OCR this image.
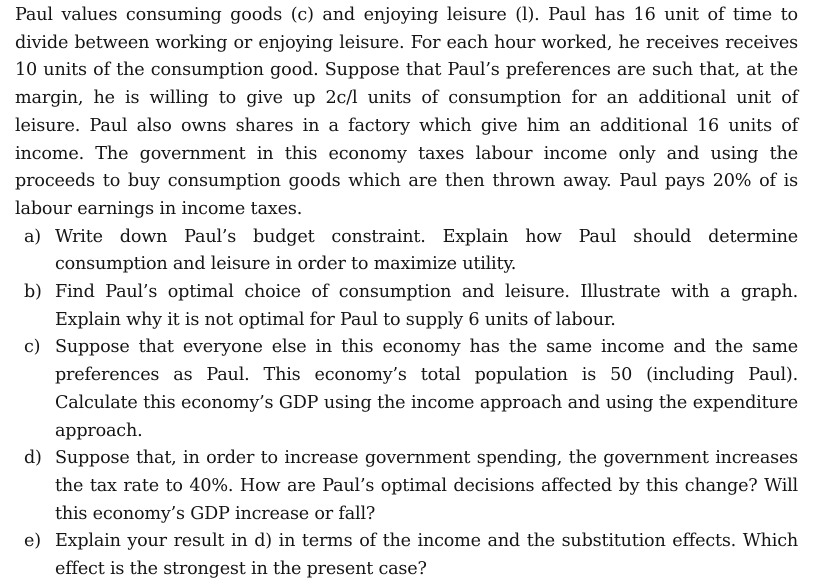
Paul values consuming goods (c) and enjoying leisure (l). Paul has 16 unit of time to divide between working or enjoying leisure. For each hour worked, he receives receives 10 units of the consumption good. Suppose that Paul’s preferences are such that, at the margin, he is willing to give up 2c/l units of consumption for an additional unit of leisure. Paul also owns shares in a factory which give him an additional 16 units of income. The government in this economy taxes labour income only and using the proceeds to buy consumption goods which are then thrown away. Paul pays 20% of is labour earnings in income taxes.

a) Write down Paul’s budget constraint. Explain how Paul should determine consumption and leisure in order to maximize utility.
b) Find Paul’s optimal choice of consumption and leisure. Illustrate with a graph. Explain why it is not optimal for Paul to supply 6 units of labour.
c) Suppose that everyone else in this economy has the same income and the same preferences as Paul. This economy’s total population is 50 (including Paul). Calculate this economy’s GDP using the income approach and using the expenditure approach.
d) Suppose that, in order to increase government spending, the government increases the tax rate to 40%. How are Paul’s optimal decisions affected by this change? Will this economy’s GDP increase or fall?
e) Explain your result in d) in terms of the income and the substitution effects. Which effect is the strongest in the present case?
